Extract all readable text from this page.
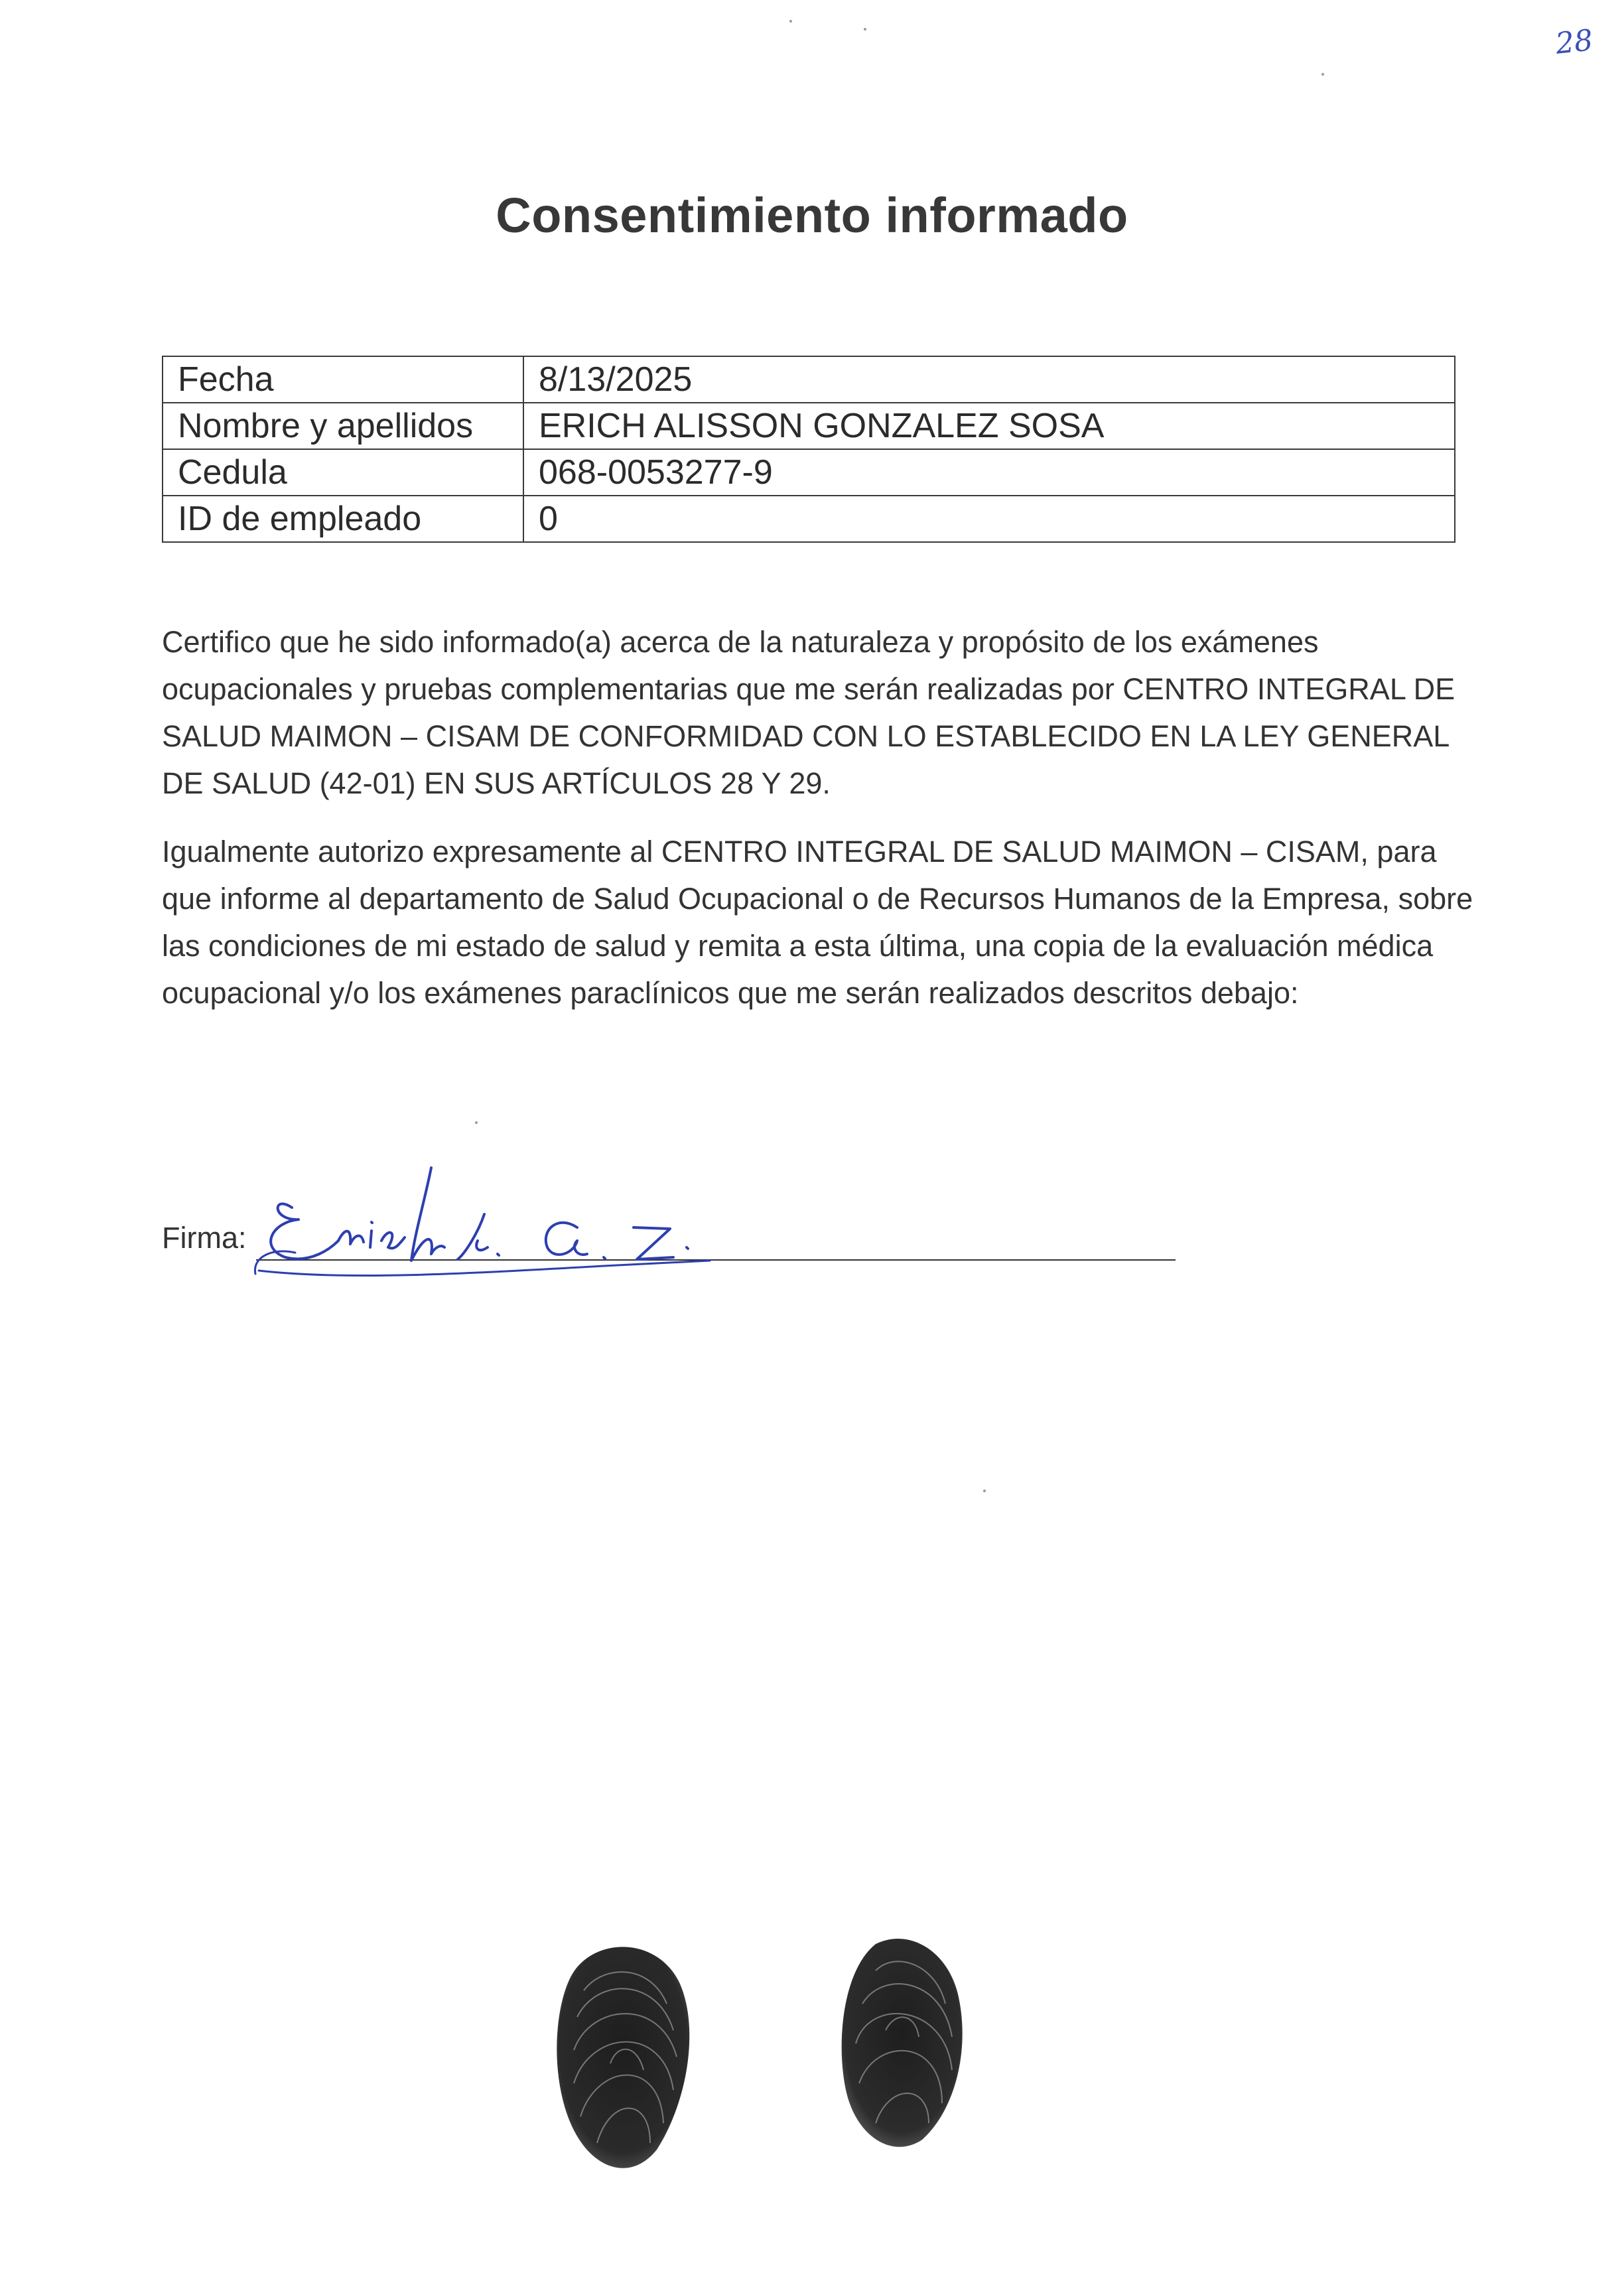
28
Consentimiento informado
Fecha	8/13/2025
Nombre y apellidos	ERICH ALISSON GONZALEZ SOSA
Cedula	068-0053277-9
ID de empleado	0

Certifico que he sido informado(a) acerca de la naturaleza y propósito de los exámenes ocupacionales y pruebas complementarias que me serán realizadas por CENTRO INTEGRAL DE SALUD MAIMON – CISAM DE CONFORMIDAD CON LO ESTABLECIDO EN LA LEY GENERAL DE SALUD (42-01) EN SUS ARTÍCULOS 28 Y 29.

Igualmente autorizo expresamente al CENTRO INTEGRAL DE SALUD MAIMON – CISAM, para que informe al departamento de Salud Ocupacional o de Recursos Humanos de la Empresa, sobre las condiciones de mi estado de salud y remita a esta última, una copia de la evaluación médica ocupacional y/o los exámenes paraclínicos que me serán realizados descritos debajo:

Firma:
